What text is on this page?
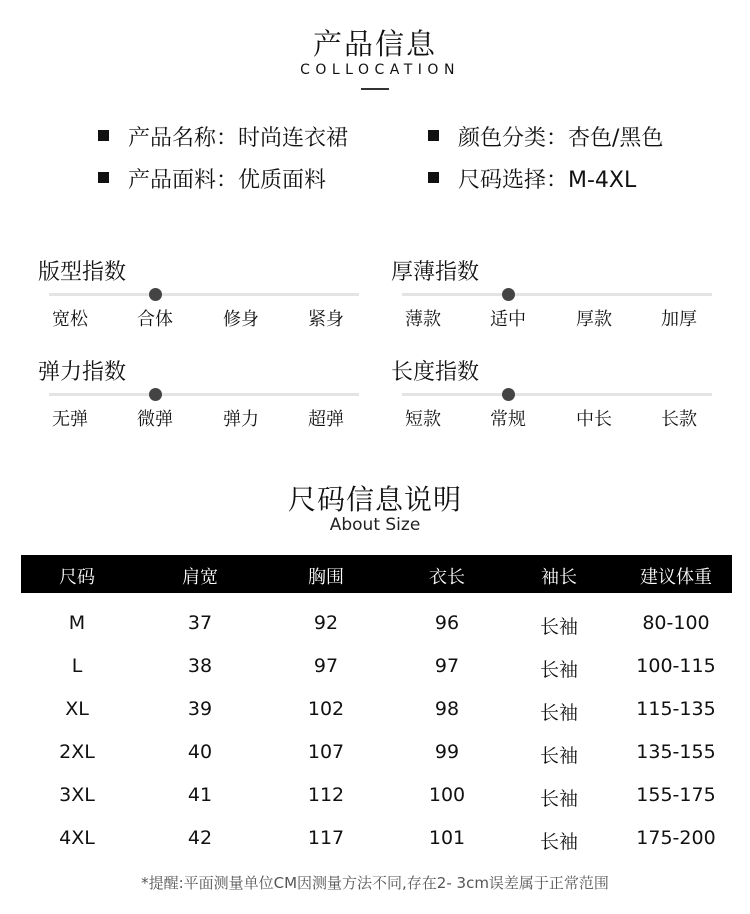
产品信息
COLLOCATION
产品名称：时尚连衣裙	颜色分类：杏色/黑色
产品面料：优质面料	尺码选择：M-4XL
版型指数
宽松	合体	修身	紧身
厚薄指数
薄款	适中	厚款	加厚
弹力指数
无弹	微弹	弹力	超弹
长度指数
短款	常规	中长	长款
尺码信息说明
About Size
尺码	肩宽	胸围	衣长	袖长	建议体重
M	37	92	96	长袖	80-100
L	38	97	97	长袖	100-115
XL	39	102	98	长袖	115-135
2XL	40	107	99	长袖	135-155
3XL	41	112	100	长袖	155-175
4XL	42	117	101	长袖	175-200
*提醒:平面测量单位CM因测量方法不同,存在2- 3cm误差属于正常范围
